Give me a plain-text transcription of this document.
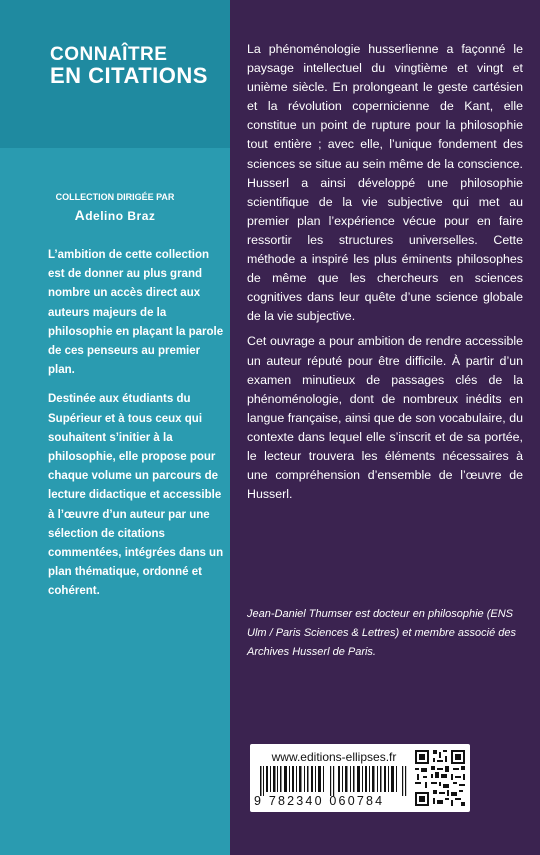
CONNAÎTRE
EN CITATIONS
COLLECTION DIRIGÉE PAR
Adelino Braz

L’ambition de cette collection est de donner au plus grand nombre un accès direct aux auteurs majeurs de la philosophie en plaçant la parole de ces penseurs au premier plan.

Destinée aux étudiants du Supérieur et à tous ceux qui souhaitent s’initier à la philosophie, elle propose pour chaque volume un parcours de lecture didactique et accessible à l’œuvre d’un auteur par une sélection de citations commentées, intégrées dans un plan thématique, ordonné et cohérent.

La phénoménologie husserlienne a façonné le paysage intellectuel du vingtième et vingt et unième siècle. En prolongeant le geste cartésien et la révolution copernicienne de Kant, elle constitue un point de rupture pour la philosophie tout entière ; avec elle, l’unique fondement des sciences se situe au sein même de la conscience. Husserl a ainsi développé une philosophie scientifique de la vie subjective qui met au premier plan l’expérience vécue pour en faire ressortir les structures universelles. Cette méthode a inspiré les plus éminents philosophes de même que les chercheurs en sciences cognitives dans leur quête d’une science globale de la vie subjective.

Cet ouvrage a pour ambition de rendre accessible un auteur réputé pour être difficile. À partir d’un examen minutieux de passages clés de la phénoménologie, dont de nombreux inédits en langue française, ainsi que de son vocabulaire, du contexte dans lequel elle s’inscrit et de sa portée, le lecteur trouvera les éléments nécessaires à une compréhension d’ensemble de l’œuvre de Husserl.

Jean-Daniel Thumser est docteur en philosophie (ENS Ulm / Paris Sciences & Lettres) et membre associé des Archives Husserl de Paris.
www.editions-ellipses.fr
9 782340 060784
